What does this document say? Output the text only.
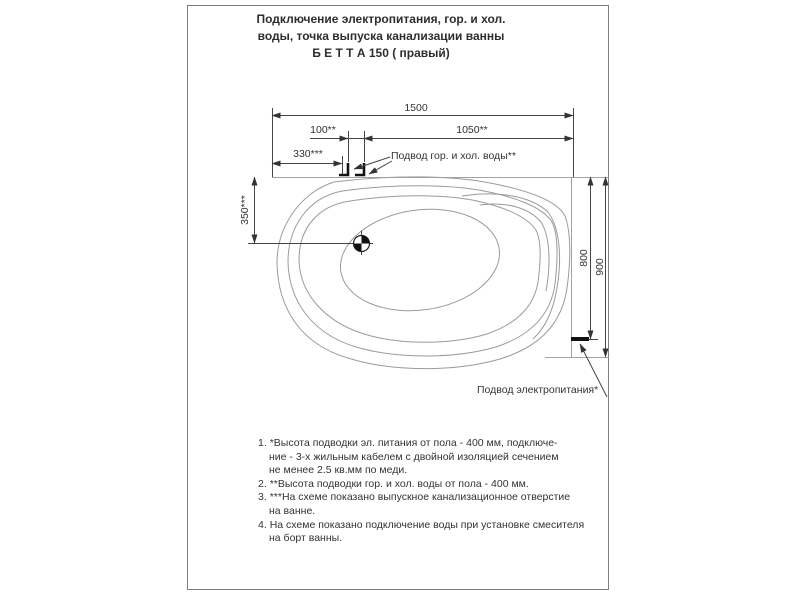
Подключение электропитания, гор. и хол.
воды, точка выпуска канализации ванны
Б Е Т Т А 150 ( правый)
1500
100**	1050**
330***
350***
800
900
Подвод гор. и хол. воды**
Подвод электропитания*
1. *Высота подводки эл. питания от пола - 400 мм, подключе-
ние - 3-х жильным кабелем с двойной изоляцией сечением
не менее 2.5 кв.мм по меди.
2. **Высота подводки гор. и хол. воды от пола - 400 мм.
3. ***На схеме показано выпускное канализационное отверстие
на ванне.
4. На схеме показано подключение воды при установке смесителя
на борт ванны.
